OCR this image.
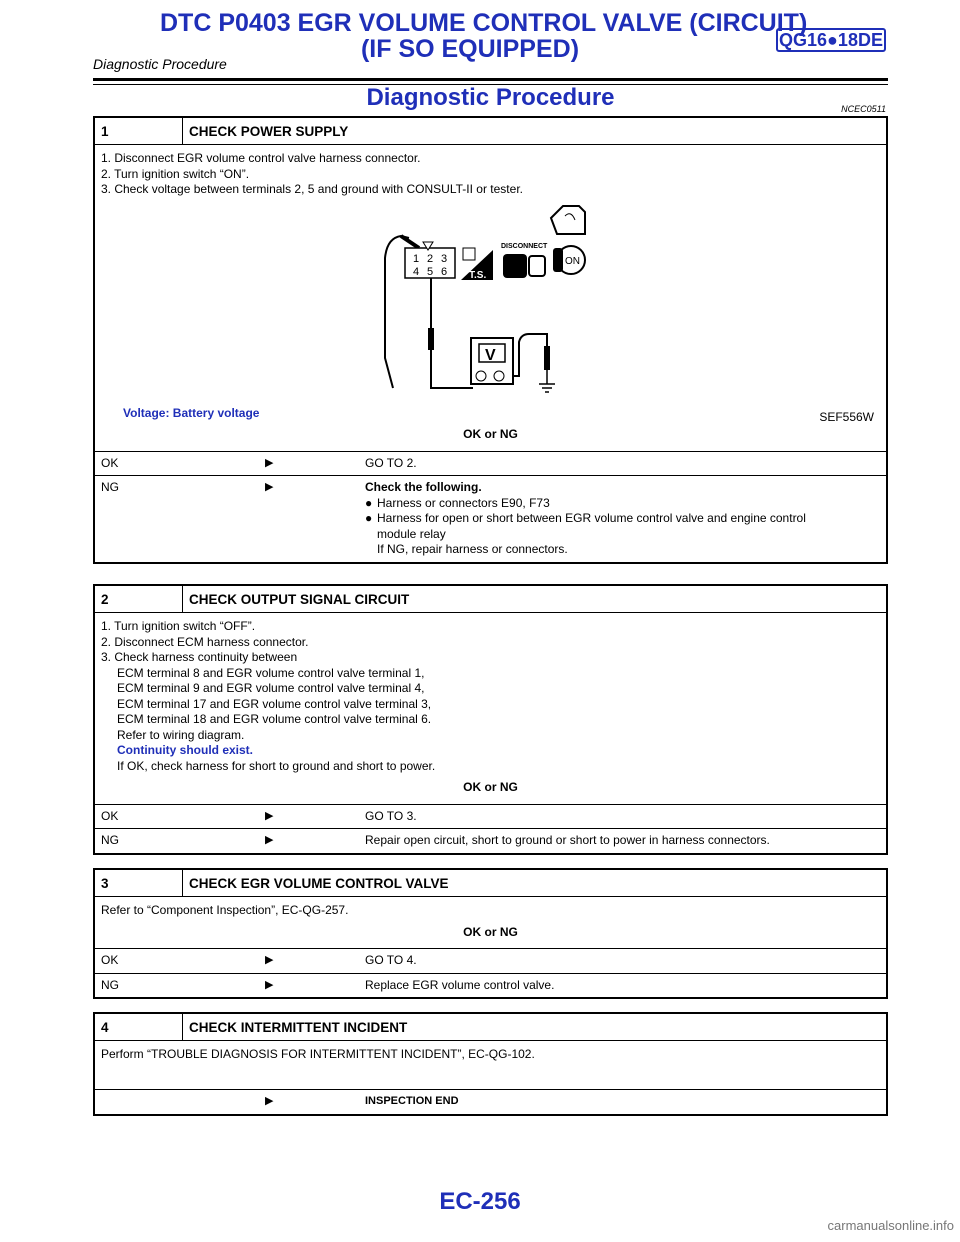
DTC P0403 EGR VOLUME CONTROL VALVE (CIRCUIT)
(IF SO EQUIPPED)	QG16●18DE
Diagnostic Procedure
Diagnostic Procedure	NCEC0511
1	CHECK POWER SUPPLY
1. Disconnect EGR volume control valve harness connector.
2. Turn ignition switch “ON”.
3. Check voltage between terminals 2, 5 and ground with CONSULT-II or tester.
1 2 3
4 5 6 T.S.
DISCONNECT
ON
V
SEF556W
Voltage: Battery voltage
OK or NG
OK	▶	GO TO 2.
NG	▶	Check the following.
● Harness or connectors E90, F73
● Harness for open or short between EGR volume control valve and engine control
module relay
If NG, repair harness or connectors.
2	CHECK OUTPUT SIGNAL CIRCUIT
1. Turn ignition switch “OFF”.
2. Disconnect ECM harness connector.
3. Check harness continuity between
ECM terminal 8 and EGR volume control valve terminal 1,
ECM terminal 9 and EGR volume control valve terminal 4,
ECM terminal 17 and EGR volume control valve terminal 3,
ECM terminal 18 and EGR volume control valve terminal 6.
Refer to wiring diagram.
Continuity should exist.
If OK, check harness for short to ground and short to power.
OK or NG
OK	▶	GO TO 3.
NG	▶	Repair open circuit, short to ground or short to power in harness connectors.
3	CHECK EGR VOLUME CONTROL VALVE
Refer to “Component Inspection”, EC-QG-257.
OK or NG
OK	▶	GO TO 4.
NG	▶	Replace EGR volume control valve.
4	CHECK INTERMITTENT INCIDENT
Perform “TROUBLE DIAGNOSIS FOR INTERMITTENT INCIDENT”, EC-QG-102.
▶	INSPECTION END
EC-256
carmanualsonline.info
